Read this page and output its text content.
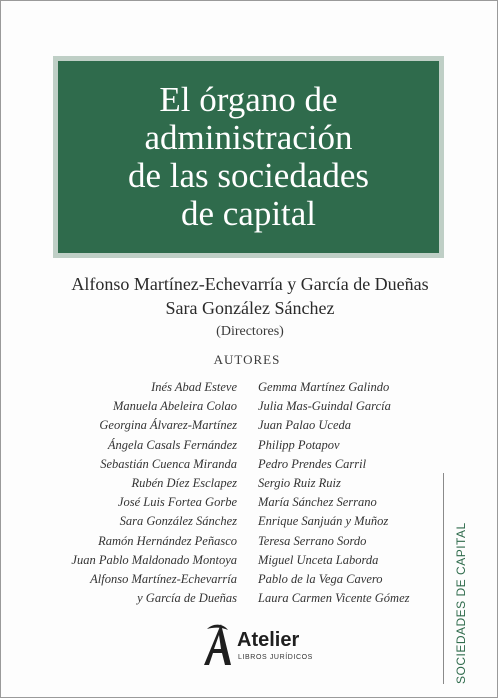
El órgano de
administración
de las sociedades
de capital
Alfonso Martínez-Echevarría y García de Dueñas
Sara González Sánchez
(Directores)
AUTORES
Inés Abad Esteve
Manuela Abeleira Colao
Georgina Álvarez-Martínez
Ángela Casals Fernández
Sebastián Cuenca Miranda
Rubén Díez Esclapez
José Luis Fortea Gorbe
Sara González Sánchez
Ramón Hernández Peñasco
Juan Pablo Maldonado Montoya
Alfonso Martínez-Echevarría
y García de Dueñas
Gemma Martínez Galindo
Julia Mas-Guindal García
Juan Palao Uceda
Philipp Potapov
Pedro Prendes Carril
Sergio Ruiz Ruiz
María Sánchez Serrano
Enrique Sanjuán y Muñoz
Teresa Serrano Sordo
Miguel Unceta Laborda
Pablo de la Vega Cavero
Laura Carmen Vicente Gómez	SOCIEDADES DE CAPITAL
Atelier
LIBROS JURÍDICOS
